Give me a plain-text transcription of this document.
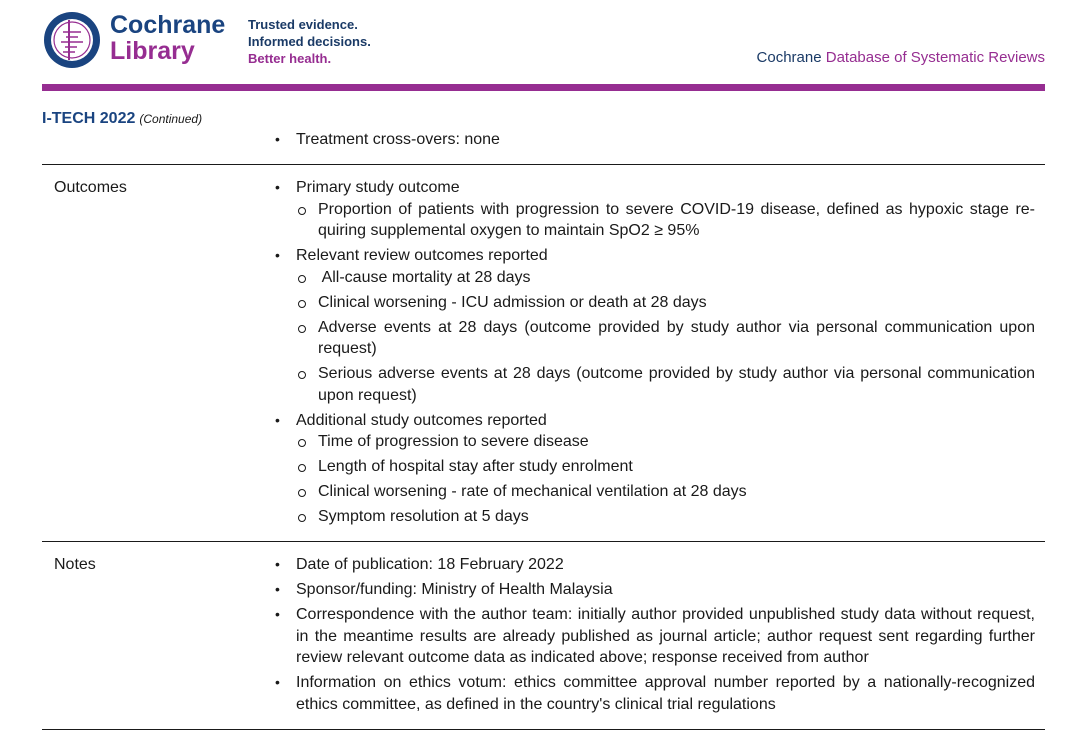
Cochrane
Library
Trusted evidence.
Informed decisions.
Better health.	Cochrane Database of Systematic Reviews
I-TECH 2022 (Continued)
• Treatment cross-overs: none
Outcomes	• Primary study outcome
Proportion of patients with progression to severe COVID-19 disease, defined as hypoxic stage requiring supplemental oxygen to maintain SpO2 ≥ 95%
• Relevant review outcomes reported
All-cause mortality at 28 days
Clinical worsening - ICU admission or death at 28 days
Adverse events at 28 days (outcome provided by study author via personal communication upon request)
Serious adverse events at 28 days (outcome provided by study author via personal communication upon request)
• Additional study outcomes reported
Time of progression to severe disease
Length of hospital stay after study enrolment
Clinical worsening - rate of mechanical ventilation at 28 days
Symptom resolution at 5 days
Notes	• Date of publication: 18 February 2022
• Sponsor/funding: Ministry of Health Malaysia
• Correspondence with the author team: initially author provided unpublished study data without request, in the meantime results are already published as journal article; author request sent regarding further review relevant outcome data as indicated above; response received from author
• Information on ethics votum: ethics committee approval number reported by a nationally-recognized ethics committee, as defined in the country's clinical trial regulations
